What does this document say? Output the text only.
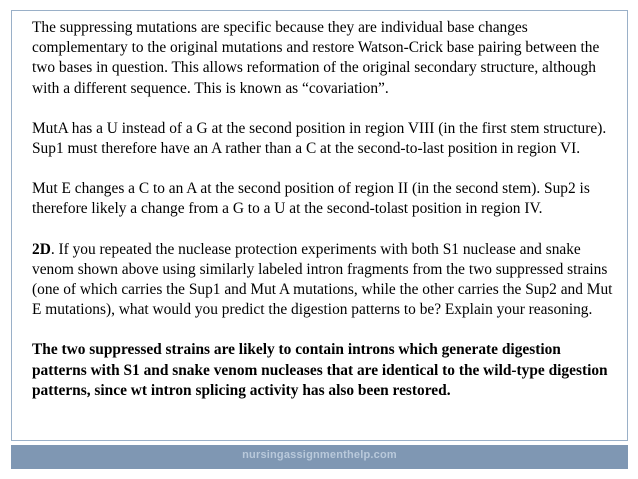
The suppressing mutations are specific because they are individual base changes complementary to the original mutations and restore Watson-Crick base pairing between the two bases in question. This allows reformation of the original secondary structure, although with a different sequence. This is known as “covariation”.

MutA has a U instead of a G at the second position in region VIII (in the first stem structure). Sup1 must therefore have an A rather than a C at the second-to-last position in region VI.

Mut E changes a C to an A at the second position of region II (in the second stem). Sup2 is therefore likely a change from a G to a U at the second-tolast position in region IV.

2D. If you repeated the nuclease protection experiments with both S1 nuclease and snake venom shown above using similarly labeled intron fragments from the two suppressed strains (one of which carries the Sup1 and Mut A mutations, while the other carries the Sup2 and Mut E mutations), what would you predict the digestion patterns to be? Explain your reasoning.

The two suppressed strains are likely to contain introns which generate digestion patterns with S1 and snake venom nucleases that are identical to the wild-type digestion patterns, since wt intron splicing activity has also been restored.

nursingassignmenthelp.com
